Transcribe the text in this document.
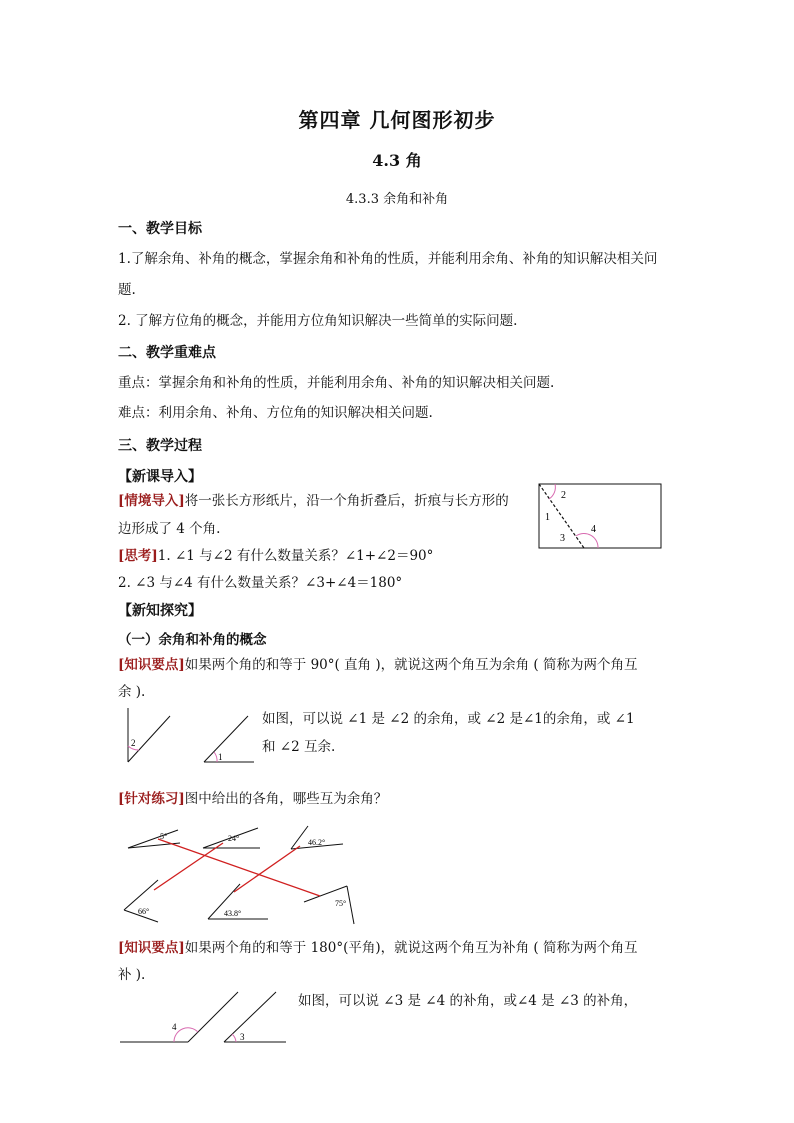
第四章 几何图形初步
4.3 角
4.3.3 余角和补角
一、教学目标
1.了解余角、补角的概念，掌握余角和补角的性质，并能利用余角、补角的知识解决相关问
题.
2. 了解方位角的概念，并能用方位角知识解决一些简单的实际问题.
二、教学重难点
重点：掌握余角和补角的性质，并能利用余角、补角的知识解决相关问题.
难点：利用余角、补角、方位角的知识解决相关问题.
三、教学过程
【新课导入】
[情境导入]将一张长方形纸片，沿一个角折叠后，折痕与长方形的
边形成了 4 个角.
[思考]1. ∠1 与∠2 有什么数量关系？∠1+∠2＝90°
2. ∠3 与∠4 有什么数量关系？∠3+∠4＝180°
2
1
3
4
【新知探究】
（一）余角和补角的概念
[知识要点]如果两个角的和等于 90°( 直角 )，就说这两个角互为余角 ( 简称为两个角互
余 ).
2
1
如图，可以说 ∠1 是 ∠2 的余角，或 ∠2 是∠1的余角，或 ∠1
和 ∠2 互余.
[针对练习]图中给出的各角，哪些互为余角？
5°	24°	46.2°
66°	43.8°
75°
[知识要点]如果两个角的和等于 180°(平角)，就说这两个角互为补角 ( 简称为两个角互
补 ).
4
3
如图，可以说 ∠3 是 ∠4 的补角，或∠4 是 ∠3 的补角，
